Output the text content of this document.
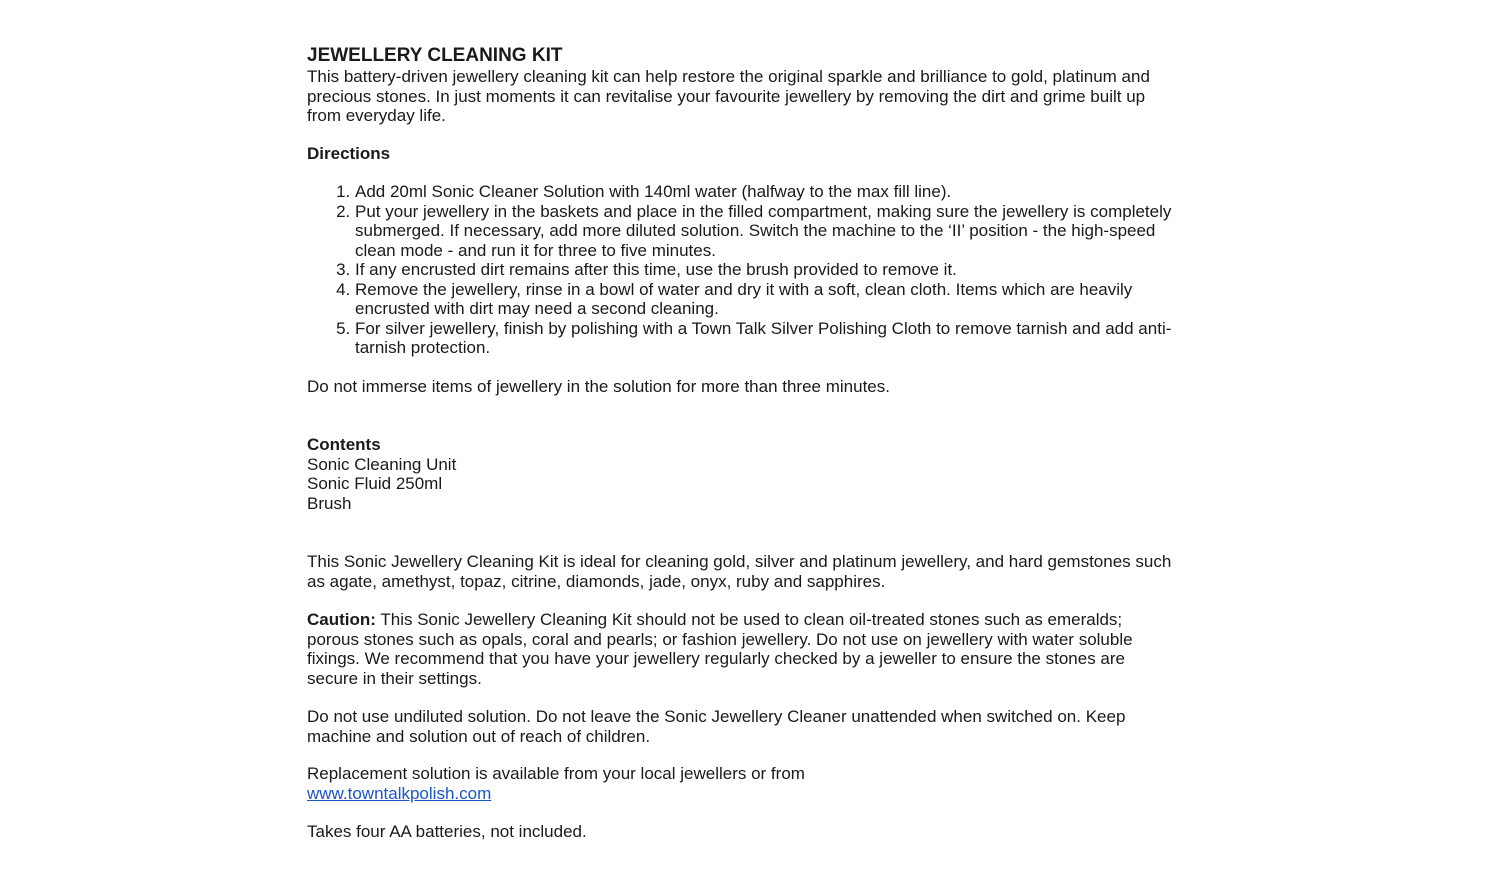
JEWELLERY CLEANING KIT

This battery-driven jewellery cleaning kit can help restore the original sparkle and brilliance to gold, platinum and precious stones. In just moments it can revitalise your favourite jewellery by removing the dirt and grime built up from everyday life.

Directions

1. Add 20ml Sonic Cleaner Solution with 140ml water (halfway to the max fill line).
2. Put your jewellery in the baskets and place in the filled compartment, making sure the jewellery is completely submerged. If necessary, add more diluted solution. Switch the machine to the ‘II’ position - the high-speed clean mode - and run it for three to five minutes.
3. If any encrusted dirt remains after this time, use the brush provided to remove it.
4. Remove the jewellery, rinse in a bowl of water and dry it with a soft, clean cloth. Items which are heavily encrusted with dirt may need a second cleaning.
5. For silver jewellery, finish by polishing with a Town Talk Silver Polishing Cloth to remove tarnish and add anti-tarnish protection.

Do not immerse items of jewellery in the solution for more than three minutes.

Contents

Sonic Cleaning Unit

Sonic Fluid 250ml

Brush

This Sonic Jewellery Cleaning Kit is ideal for cleaning gold, silver and platinum jewellery, and hard gemstones such as agate, amethyst, topaz, citrine, diamonds, jade, onyx, ruby and sapphires.

Caution: This Sonic Jewellery Cleaning Kit should not be used to clean oil-treated stones such as emeralds; porous stones such as opals, coral and pearls; or fashion jewellery. Do not use on jewellery with water soluble fixings. We recommend that you have your jewellery regularly checked by a jeweller to ensure the stones are secure in their settings.

Do not use undiluted solution. Do not leave the Sonic Jewellery Cleaner unattended when switched on. Keep machine and solution out of reach of children.

Replacement solution is available from your local jewellers or from

www.towntalkpolish.com

Takes four AA batteries, not included.
